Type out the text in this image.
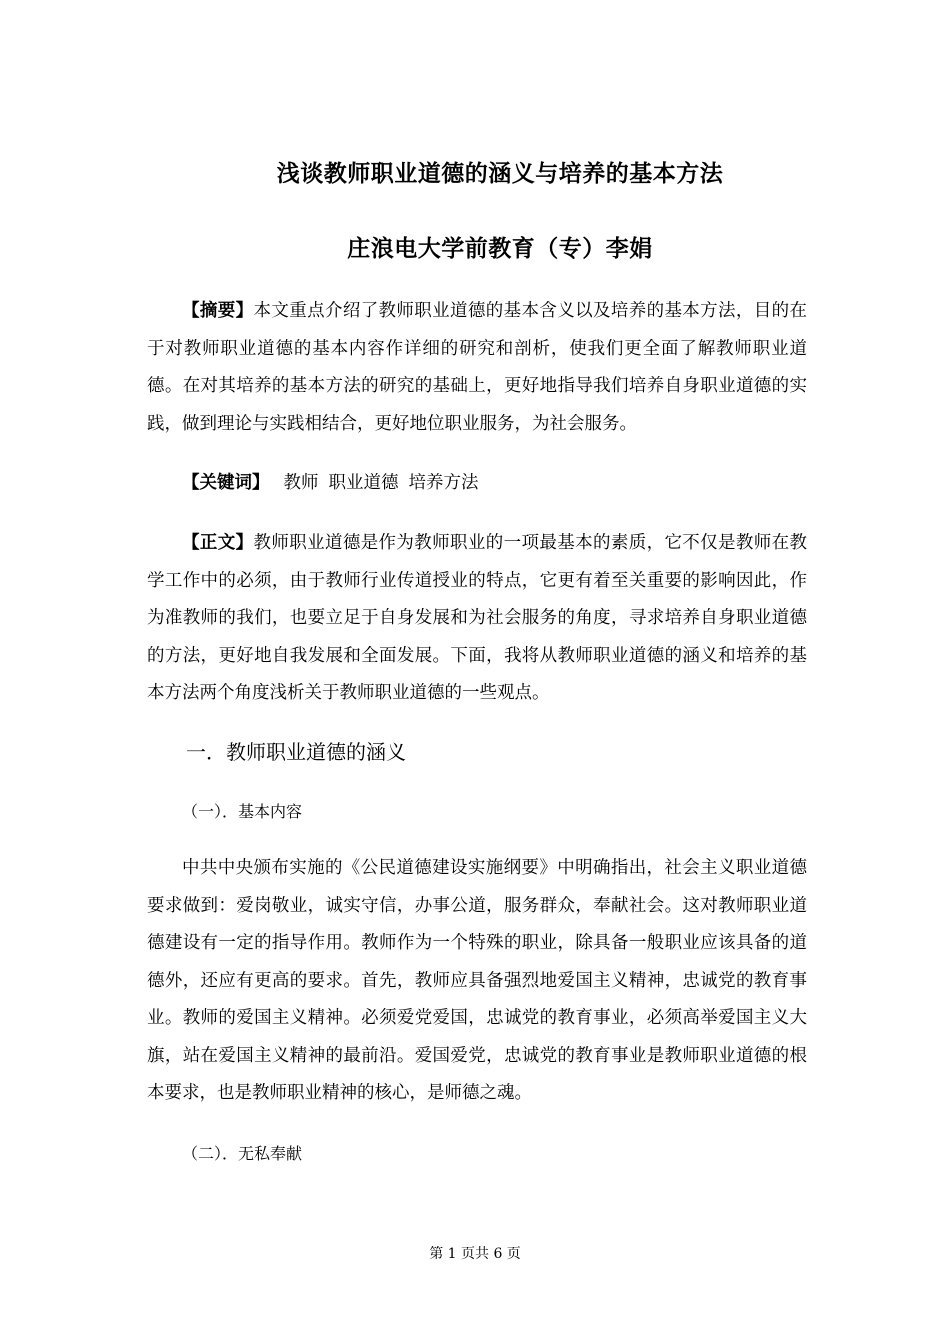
浅谈教师职业道德的涵义与培养的基本方法
庄浪电大学前教育（专）李娟
【摘要】本文重点介绍了教师职业道德的基本含义以及培养的基本方法，目的在于对教师职业道德的基本内容作详细的研究和剖析，使我们更全面了解教师职业道德。在对其培养的基本方法的研究的基础上，更好地指导我们培养自身职业道德的实践，做到理论与实践相结合，更好地位职业服务，为社会服务。
【关键词】 教师 职业道德 培养方法
【正文】教师职业道德是作为教师职业的一项最基本的素质，它不仅是教师在教学工作中的必须，由于教师行业传道授业的特点，它更有着至关重要的影响因此，作为准教师的我们，也要立足于自身发展和为社会服务的角度，寻求培养自身职业道德的方法，更好地自我发展和全面发展。下面，我将从教师职业道德的涵义和培养的基本方法两个角度浅析关于教师职业道德的一些观点。
一．教师职业道德的涵义
（一）．基本内容
中共中央颁布实施的《公民道德建设实施纲要》中明确指出，社会主义职业道德要求做到：爱岗敬业，诚实守信，办事公道，服务群众，奉献社会。这对教师职业道德建设有一定的指导作用。教师作为一个特殊的职业，除具备一般职业应该具备的道德外，还应有更高的要求。首先，教师应具备强烈地爱国主义精神，忠诚党的教育事业。教师的爱国主义精神。必须爱党爱国，忠诚党的教育事业，必须高举爱国主义大旗，站在爱国主义精神的最前沿。爱国爱党，忠诚党的教育事业是教师职业道德的根本要求，也是教师职业精神的核心，是师德之魂。
（二）．无私奉献
第 1 页共 6 页
